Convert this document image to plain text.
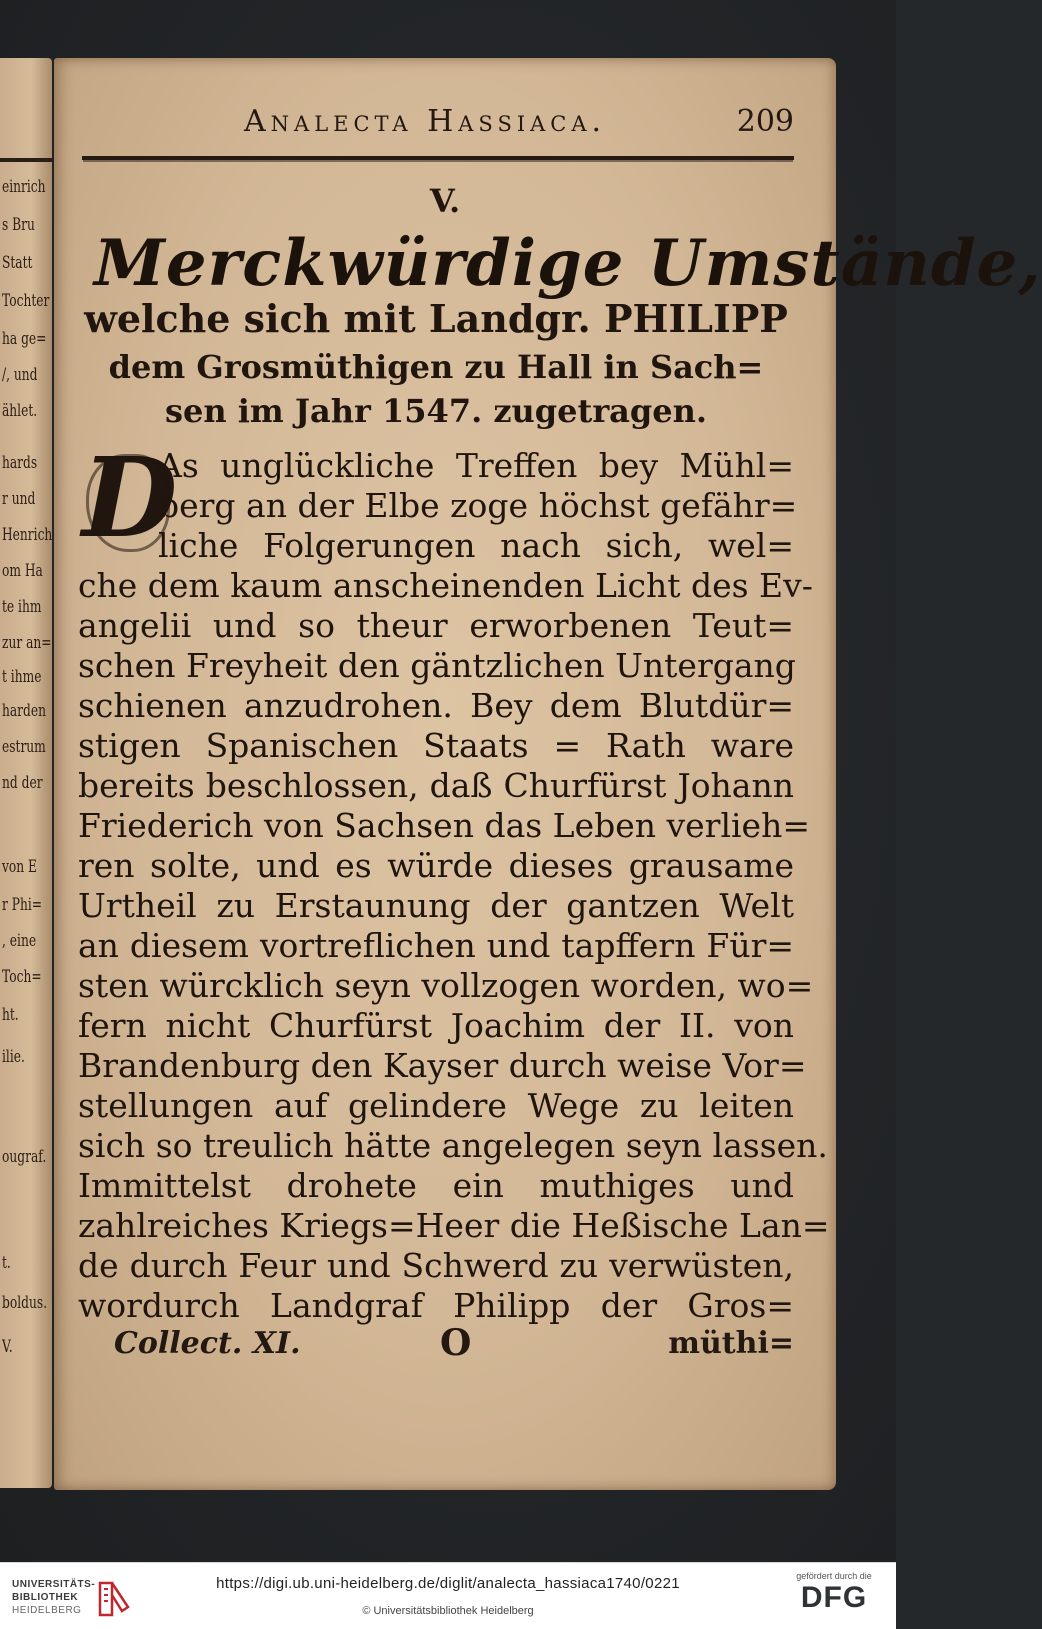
einrich
s Bru
Statt
Tochter
ha ge=
/, und
ählet.
hards
r und
Henrich
om Ha
te ihm
zur an=
t ihme
harden
estrum
nd der
von E
r Phi=
, eine
Toch=
ht.
ilie.
ougraf.
t.
boldus.
V.
Analecta Hassiaca.	209
V.
Merckwürdige Umstände,
welche sich mit Landgr. PHILIPP
dem Grosmüthigen zu Hall in Sach=
sen im Jahr 1547. zugetragen.
D
As unglückliche Treffen bey Mühl=
berg an der Elbe zoge höchst gefähr=
liche Folgerungen nach sich, wel=
che dem kaum anscheinenden Licht des Ev-
angelii und so theur erworbenen Teut=
schen Freyheit den gäntzlichen Untergang
schienen anzudrohen. Bey dem Blutdür=
stigen Spanischen Staats = Rath ware
bereits beschlossen, daß Churfürst Johann
Friederich von Sachsen das Leben verlieh=
ren solte, und es würde dieses grausame
Urtheil zu Erstaunung der gantzen Welt
an diesem vortreflichen und tapffern Für=
sten würcklich seyn vollzogen worden, wo=
fern nicht Churfürst Joachim der II. von
Brandenburg den Kayser durch weise Vor=
stellungen auf gelindere Wege zu leiten
sich so treulich hätte angelegen seyn lassen.
Immittelst drohete ein muthiges und
zahlreiches Kriegs=Heer die Heßische Lan=
de durch Feur und Schwerd zu verwüsten,
wordurch Landgraf Philipp der Gros=
Collect. XI.	O	müthi=
UNIVERSITÄTS-
BIBLIOTHEK
HEIDELBERG
https://digi.ub.uni-heidelberg.de/diglit/analecta_hassiaca1740/0221
© Universitätsbibliothek Heidelberg
gefördert durch die
DFG
